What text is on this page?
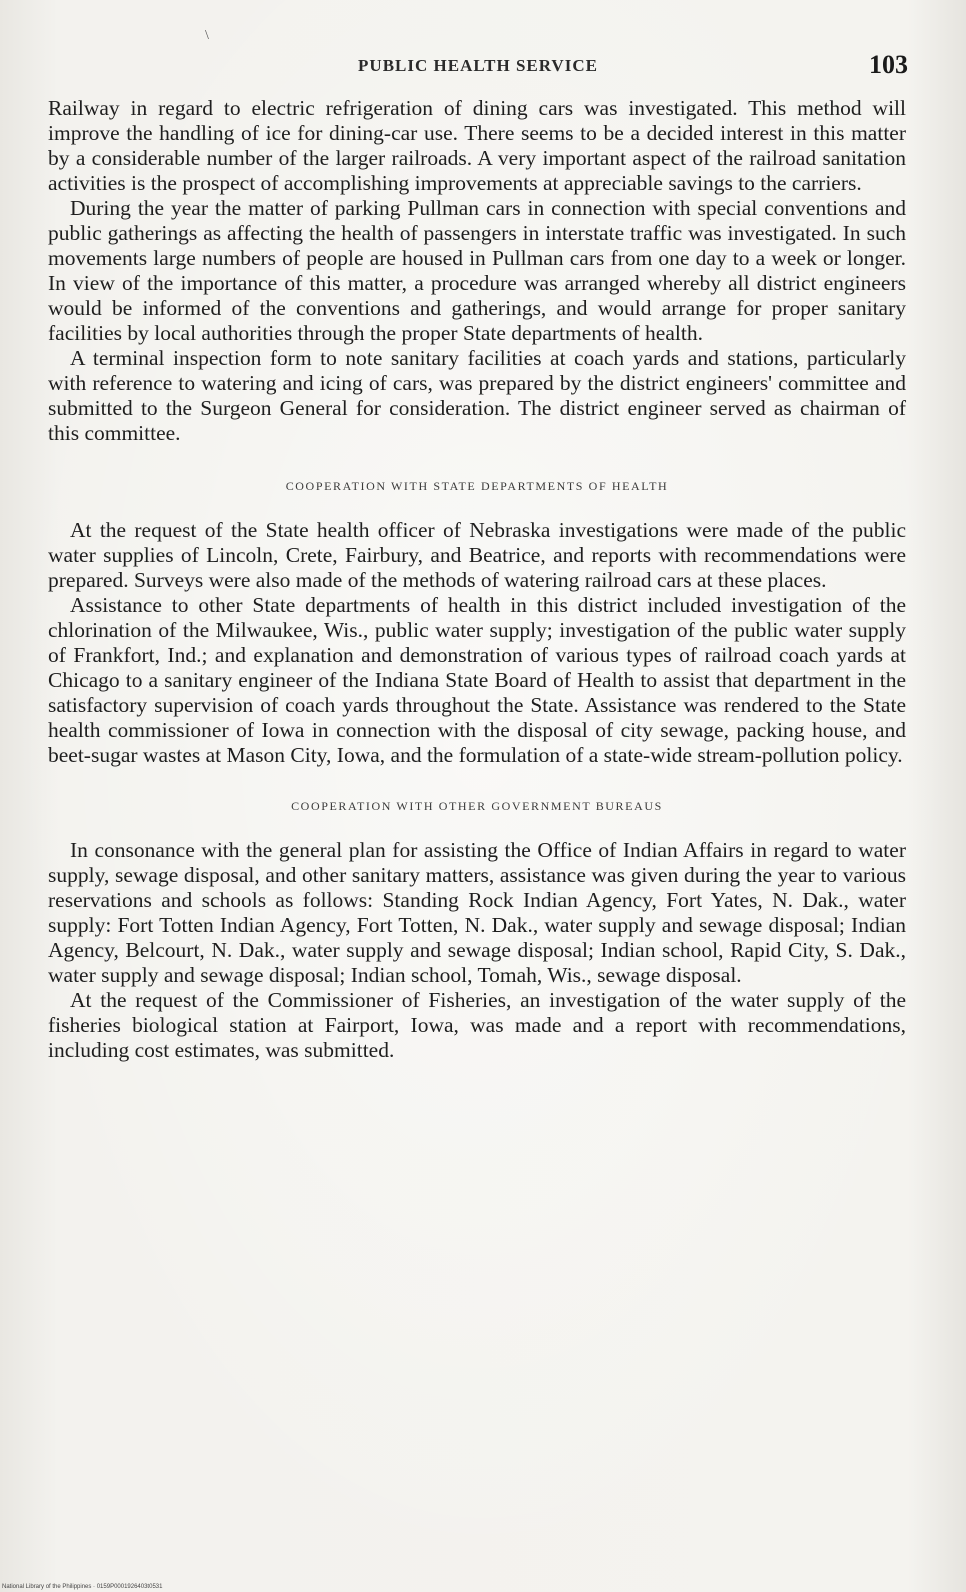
\
PUBLIC HEALTH SERVICE	103

Railway in regard to electric refrigeration of dining cars was investigated. This method will improve the handling of ice for dining-car use. There seems to be a decided interest in this matter by a considerable number of the larger railroads. A very important aspect of the railroad sanitation activities is the prospect of accomplishing improvements at appreciable savings to the carriers.

During the year the matter of parking Pullman cars in connection with special conventions and public gatherings as affecting the health of passengers in interstate traffic was investigated. In such movements large numbers of people are housed in Pullman cars from one day to a week or longer. In view of the importance of this matter, a procedure was arranged whereby all district engineers would be informed of the conventions and gatherings, and would arrange for proper sanitary facilities by local authorities through the proper State departments of health.

A terminal inspection form to note sanitary facilities at coach yards and stations, particularly with reference to watering and icing of cars, was prepared by the district engineers' committee and submitted to the Surgeon General for consideration. The district engineer served as chairman of this committee.

COOPERATION WITH STATE DEPARTMENTS OF HEALTH

At the request of the State health officer of Nebraska investigations were made of the public water supplies of Lincoln, Crete, Fairbury, and Beatrice, and reports with recommendations were prepared. Surveys were also made of the methods of watering railroad cars at these places.

Assistance to other State departments of health in this district included investigation of the chlorination of the Milwaukee, Wis., public water supply; investigation of the public water supply of Frankfort, Ind.; and explanation and demonstration of various types of railroad coach yards at Chicago to a sanitary engineer of the Indiana State Board of Health to assist that department in the satisfactory supervision of coach yards throughout the State. Assistance was rendered to the State health commissioner of Iowa in connection with the disposal of city sewage, packing house, and beet-sugar wastes at Mason City, Iowa, and the formulation of a state-wide stream-pollution policy.

COOPERATION WITH OTHER GOVERNMENT BUREAUS

In consonance with the general plan for assisting the Office of Indian Affairs in regard to water supply, sewage disposal, and other sanitary matters, assistance was given during the year to various reservations and schools as follows: Standing Rock Indian Agency, Fort Yates, N. Dak., water supply: Fort Totten Indian Agency, Fort Totten, N. Dak., water supply and sewage disposal; Indian Agency, Belcourt, N. Dak., water supply and sewage disposal; Indian school, Rapid City, S. Dak., water supply and sewage disposal; Indian school, Tomah, Wis., sewage disposal.

At the request of the Commissioner of Fisheries, an investigation of the water supply of the fisheries biological station at Fairport, Iowa, was made and a report with recommendations, including cost estimates, was submitted.

National Library of the Philippines · 0159P0001926403t0531
